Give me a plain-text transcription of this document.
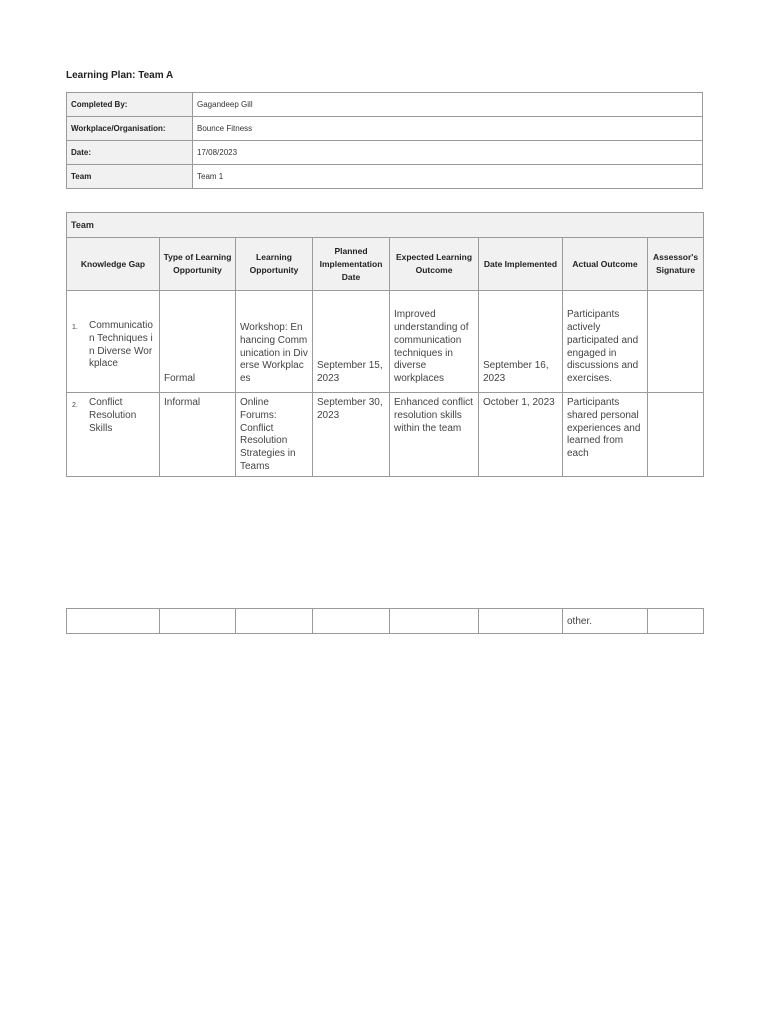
Learning Plan: Team A
Completed By:	Gagandeep Gill
Workplace/Organisation:	Bounce Fitness
Date:	17/08/2023
Team	Team 1
Team							
Knowledge Gap	Type of Learning Opportunity	Learning Opportunity	Planned Implementation Date	Expected Learning Outcome	Date Implemented	Actual Outcome	Assessor's Signature

1. Communication Techniques in Diverse Workplace	Formal	Workshop: Enhancing Communication in Diverse Workplaces	September 15, 2023	Improved understanding of communication techniques in diverse workplaces	September 16, 2023	Participants actively participated and engaged in discussions and exercises.	

2. Conflict Resolution Skills	Informal	Online Forums: Conflict Resolution Strategies in Teams	September 30, 2023	Enhanced conflict resolution skills within the team	October 1, 2023	Participants shared personal experiences and learned from each	
						other.	
